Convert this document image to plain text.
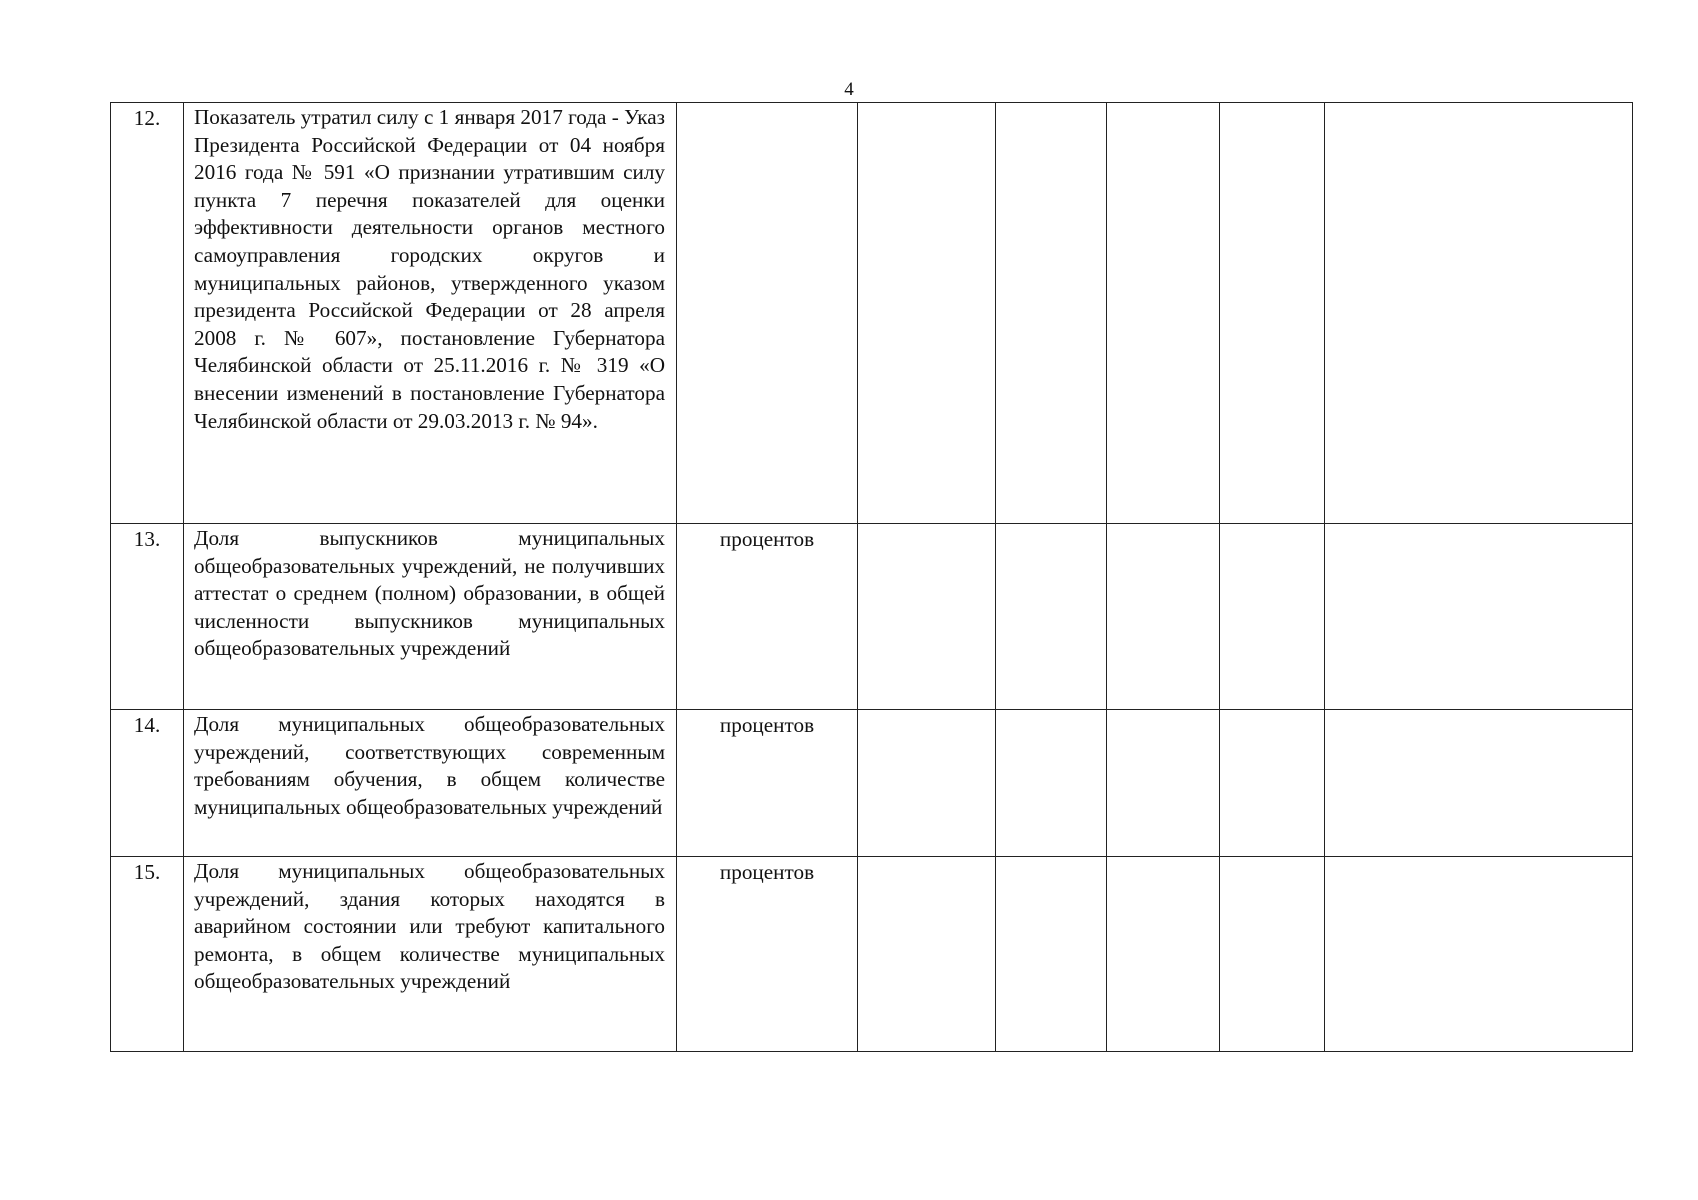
4
12.	Показатель утратил силу с 1 января 2017 года - Указ Президента Российской Федерации от 04 ноября 2016 года № 591 «О признании утратившим силу пункта 7 перечня показателей для оценки эффективности деятельности органов местного самоуправления городских округов и муниципальных районов, утвержденного указом президента Российской Федерации от 28 апреля 2008 г. № 607», постановление Губернатора Челябинской области от 25.11.2016 г. № 319 «О внесении изменений в постановление Губернатора Челябинской области от 29.03.2013 г. № 94».						
13.	Доля выпускников муниципальных общеобразовательных учреждений, не получивших аттестат о среднем (полном) образовании, в общей численности выпускников муниципальных общеобразовательных учреждений	процентов					
14.	Доля муниципальных общеобразовательных учреждений, соответствующих современным требованиям обучения, в общем количестве муниципальных общеобразовательных учреждений	процентов					
15.	Доля муниципальных общеобразовательных учреждений, здания которых находятся в аварийном состоянии или требуют капитального ремонта, в общем количестве муниципальных общеобразовательных учреждений	процентов					
